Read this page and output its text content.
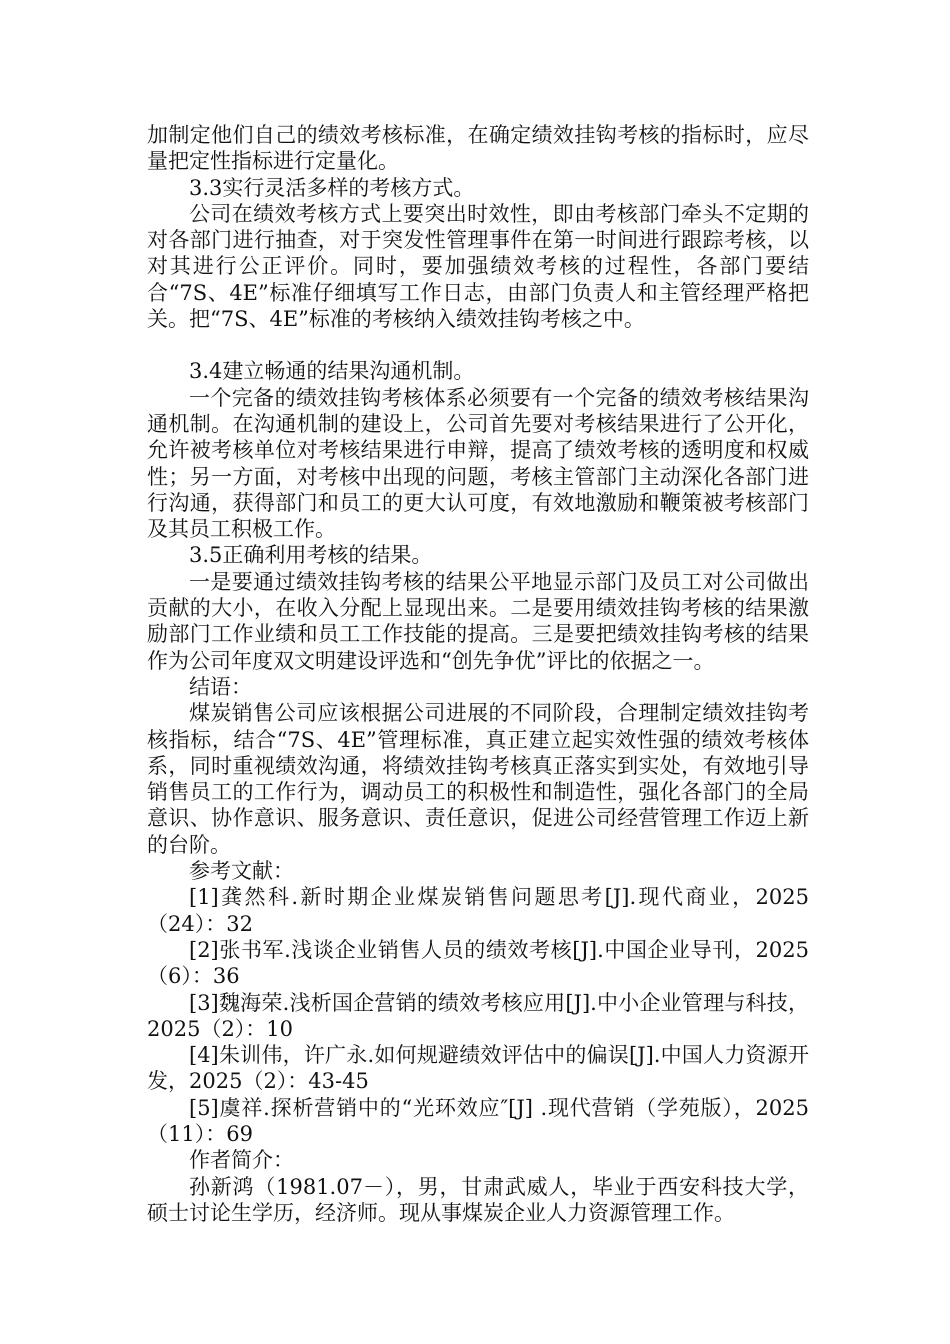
加制定他们自己的绩效考核标准，在确定绩效挂钩考核的指标时，应尽量把定性指标进行定量化。

3.3实行灵活多样的考核方式。

公司在绩效考核方式上要突出时效性，即由考核部门牵头不定期的对各部门进行抽查，对于突发性管理事件在第一时间进行跟踪考核，以对其进行公正评价。同时，要加强绩效考核的过程性，各部门要结合“7S、4E”标准仔细填写工作日志，由部门负责人和主管经理严格把关。把“7S、4E”标准的考核纳入绩效挂钩考核之中。

3.4建立畅通的结果沟通机制。

一个完备的绩效挂钩考核体系必须要有一个完备的绩效考核结果沟通机制。在沟通机制的建设上，公司首先要对考核结果进行了公开化，允许被考核单位对考核结果进行申辩，提高了绩效考核的透明度和权威性；另一方面，对考核中出现的问题，考核主管部门主动深化各部门进行沟通，获得部门和员工的更大认可度，有效地激励和鞭策被考核部门及其员工积极工作。

3.5正确利用考核的结果。

一是要通过绩效挂钩考核的结果公平地显示部门及员工对公司做出贡献的大小，在收入分配上显现出来。二是要用绩效挂钩考核的结果激励部门工作业绩和员工工作技能的提高。三是要把绩效挂钩考核的结果作为公司年度双文明建设评选和“创先争优”评比的依据之一。

结语：

煤炭销售公司应该根据公司进展的不同阶段，合理制定绩效挂钩考核指标，结合“7S、4E”管理标准，真正建立起实效性强的绩效考核体系，同时重视绩效沟通，将绩效挂钩考核真正落实到实处，有效地引导销售员工的工作行为，调动员工的积极性和制造性，强化各部门的全局意识、协作意识、服务意识、责任意识，促进公司经营管理工作迈上新的台阶。

参考文献：

[1]龚然科.新时期企业煤炭销售问题思考[J].现代商业，2025（24）：32

[2]张书军.浅谈企业销售人员的绩效考核[J].中国企业导刊，2025（6）：36

[3]魏海荣.浅析国企营销的绩效考核应用[J].中小企业管理与科技，2025（2）：10

[4]朱训伟，许广永.如何规避绩效评估中的偏误[J].中国人力资源开发，2025（2）：43-45

[5]虞祥.探析营销中的“光环效应″[J] .现代营销（学苑版），2025（11）：69

作者简介：

孙新鸿（1981.07－），男，甘肃武威人，毕业于西安科技大学，硕士讨论生学历，经济师。现从事煤炭企业人力资源管理工作。
